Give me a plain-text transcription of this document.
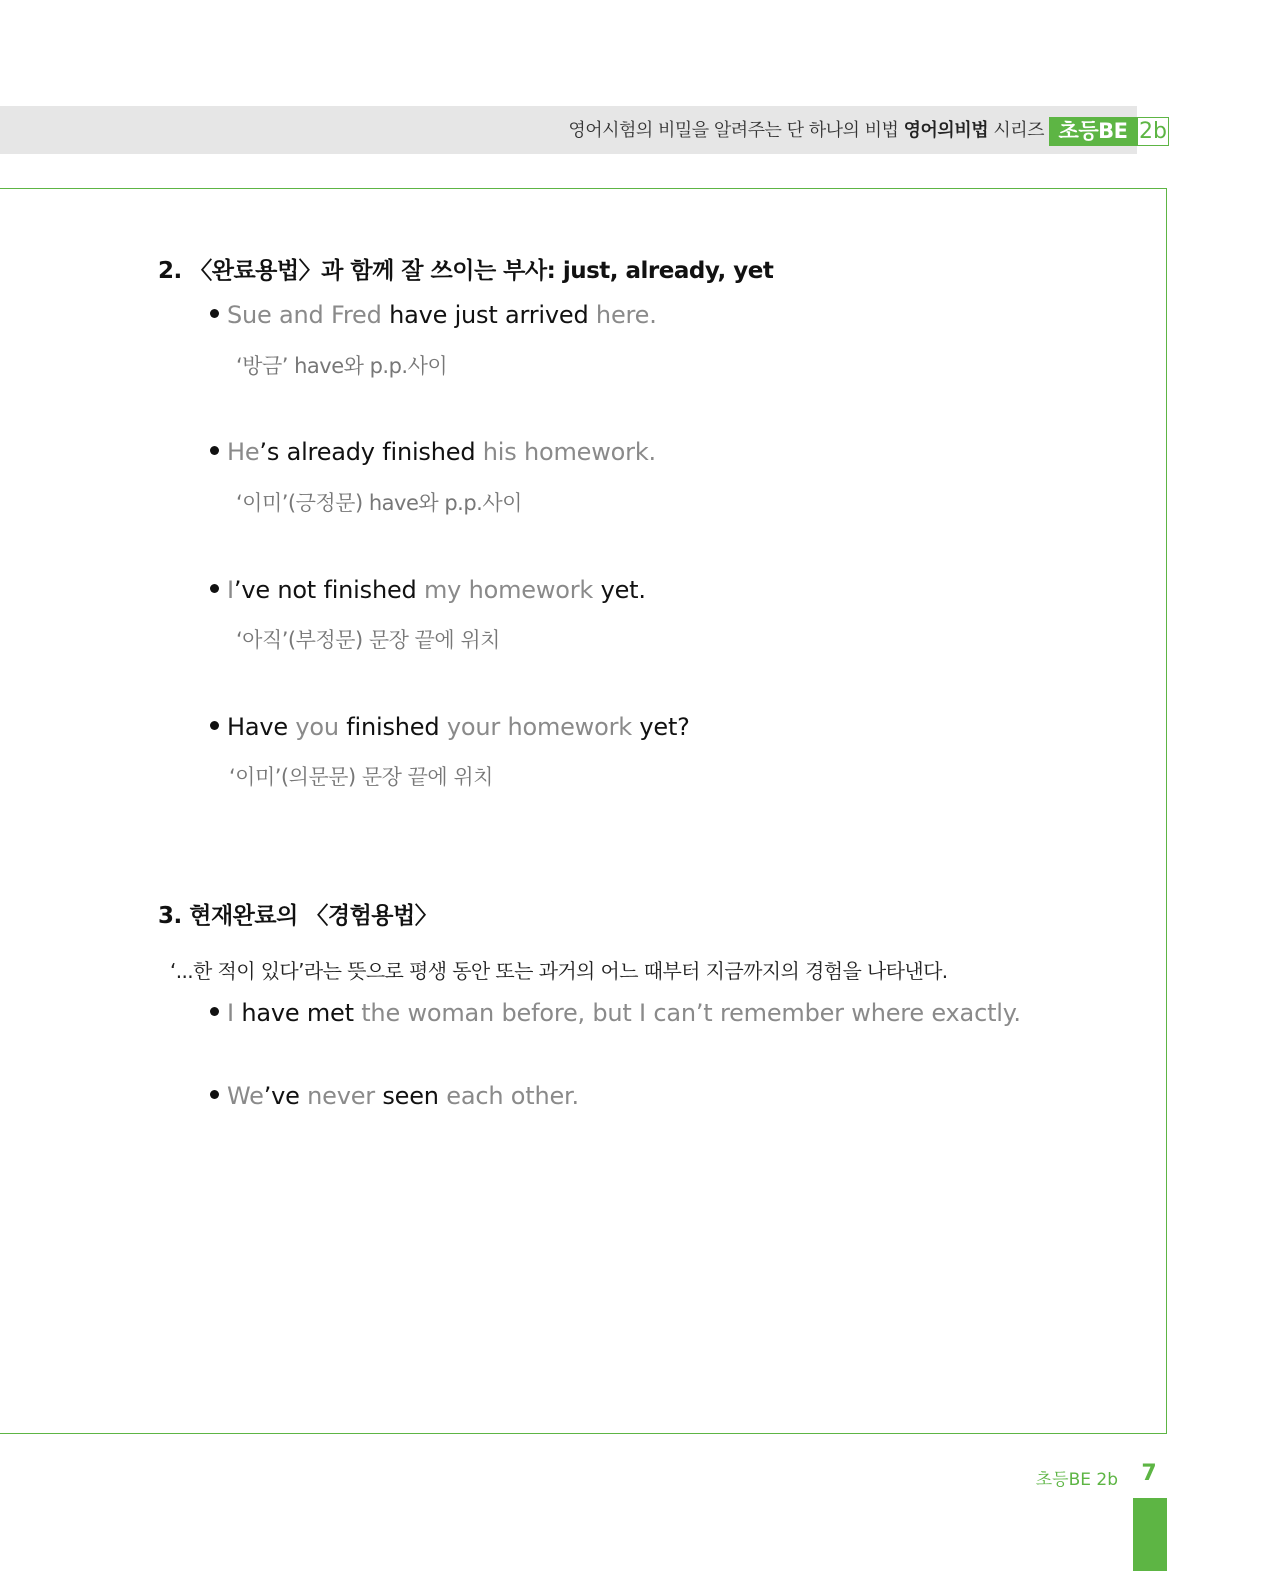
영어시험의 비밀을 알려주는 단 하나의 비법 영어의비법 시리즈 초등BE 2b
2. 〈완료용법〉과 함께 잘 쓰이는 부사: just, already, yet
Sue and Fred have just arrived here.
‘방금’ have와 p.p.사이
He’s already finished his homework.
‘이미’(긍정문) have와 p.p.사이
I’ve not finished my homework yet.
‘아직’(부정문) 문장 끝에 위치
Have you finished your homework yet?
‘이미’(의문문) 문장 끝에 위치
3. 현재완료의 〈경험용법〉
‘...한 적이 있다’라는 뜻으로 평생 동안 또는 과거의 어느 때부터 지금까지의 경험을 나타낸다.
I have met the woman before, but I can’t remember where exactly.
We’ve never seen each other.
초등BE 2b	7
